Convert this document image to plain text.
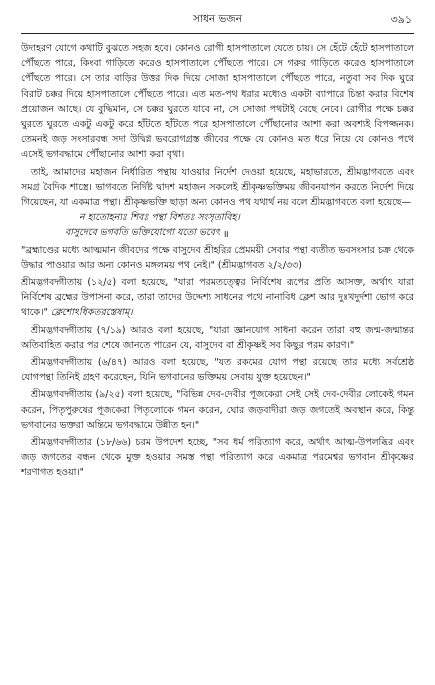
সাধন ভজন	৩৯১

উদাহরণ যোগে কথাটি বুঝতে সহজ হবে। কোনও রোগী হাসপাতালে যেতে চায়। সে হেঁটে হেঁটে হাসপাতালে পৌঁছতে পারে, কিংবা গাড়িতে করেও হাসপাতালে পৌঁছতে পারে। সে গরুর গাড়িতে করেও হাসপাতালে পৌঁছতে পারে। সে তার বাড়ির উত্তর দিক দিয়ে সোজা হাসপাতালে পৌঁছতে পারে, নতুবা সব দিক ঘুরে বিরাট চক্কর দিয়ে হাসপাতালে পৌঁছতে পারে। এত মত-পথ ধরার মধ্যেও একটা ব্যাপারে চিন্তা করার বিশেষ প্রয়োজন আছে। যে বুদ্ধিমান, সে চক্কর ঘুরতে যাবে না, সে সোজা পথটাই বেছে নেবে। রোগীর পক্ষে চক্কর ঘুরতে ঘুরতে একটু একটু করে হাঁটতে হাঁটতে পরে হাসপাতালে পৌঁছানোর আশা করা অবশ্যই বিপজ্জনক। তেমনই জড় সংসারবন্ধ সদা উদ্বিগ্ন ভবরোগগ্রস্ত জীবের পক্ষে যে কোনও মত ধরে নিয়ে যে কোনও পথে এসেই ভগবদ্ধামে পৌঁছানোর আশা করা বৃথা।

তাই, আমাদের মহাজন নির্ধারিত পন্থায় যাওয়ার নির্দেশ দেওয়া হয়েছে, মহাভারতে, শ্রীমদ্ভাগবতে এবং সমগ্র বৈদিক শাস্ত্রে। ভাগবতে নির্দিষ্ট দ্বাদশ মহাজন সকলেই শ্রীকৃষ্ণভক্তিময় জীবনযাপন করতে নির্দেশ দিয়ে গিয়েছেন, যা একমাত্র পন্থা। শ্রীকৃষ্ণভক্তি ছাড়া অন্য কোনও পথ যথার্থ নয় বলে শ্রীমদ্ভাগবতে বলা হয়েছে—

ন হ্যতোহন্যঃ শিবঃ পন্থা বিশতঃ সংসৃতাবিহ।

বাসুদেবে ভগবতি ভক্তিযোগো যতো ভবেৎ ॥

"ব্রহ্মাণ্ডের মধ্যে আত্মমান জীবদের পক্ষে বাসুদেব শ্রীহরির প্রেমময়ী সেবার পন্থা ব্যতীত ভবসংসার চক্র থেকে উদ্ধার পাওয়ার আর অন্য কোনও মঙ্গলময় পথ নেই।" (শ্রীমদ্ভাগবত ২/২/৩৩)

শ্রীমদ্ভগবদ্গীতায় (১২/৫) বলা হয়েছে, "যারা পরমতত্ত্বের নির্বিশেষ রূপের প্রতি আসক্ত, অর্থাৎ যারা নির্বিশেষ ব্রহ্মের উপাসনা করে, তারা তাদের উদ্দেশ্য সাধনের পথে নানাবিধ ক্লেশ আর দুঃখদুর্দশা ভোগ করে থাকে।" ক্লেশোঽধিকতরস্তেষাম্।

শ্রীমদ্ভগবদ্গীতায় (৭/১৯) আরও বলা হয়েছে, "যারা জ্ঞানযোগ সাধনা করেন তারা বহু জন্ম-জন্মান্তর অতিবাহিত করার পর শেষে জানতে পারেন যে, বাসুদেব বা শ্রীকৃষ্ণই সব কিছুর পরম কারণ।"

শ্রীমদ্ভগবদ্গীতায় (৬/৪৭) আরও বলা হয়েছে, "যত রকমের যোগ পন্থা রয়েছে তার মধ্যে সর্বশ্রেষ্ঠ যোগপন্থা তিনিই গ্রহণ করেছেন, যিনি ভগবানের ভক্তিময় সেবায় যুক্ত হয়েছেন।"

শ্রীমদ্ভগবদ্গীতায় (৯/২৫) বলা হয়েছে, "বিভিন্ন দেব-দেবীর পূজকেরা সেই সেই দেব-দেবীর লোকেই গমন করেন, পিতৃপুরুষের পূজকেরা পিতৃলোকে গমন করেন, ঘোর জড়বাদীরা জড় জগতেই অবস্থান করে, কিন্তু ভগবানের ভক্তরা অন্তিমে ভগবদ্ধামে উন্নীত হন।"

শ্রীমদ্ভগবদ্গীতার (১৮/৬৬) চরম উপদেশ হচ্ছে, "সব ধর্ম পরিত্যাগ করে, অর্থাৎ আত্ম-উপলব্ধির এবং জড় জগতের বন্ধন থেকে মুক্ত হওয়ার সমস্ত পন্থা পরিত্যাগ করে একমাত্র পরমেশ্বর ভগবান শ্রীকৃষ্ণের শরণাগত হওয়া।"
